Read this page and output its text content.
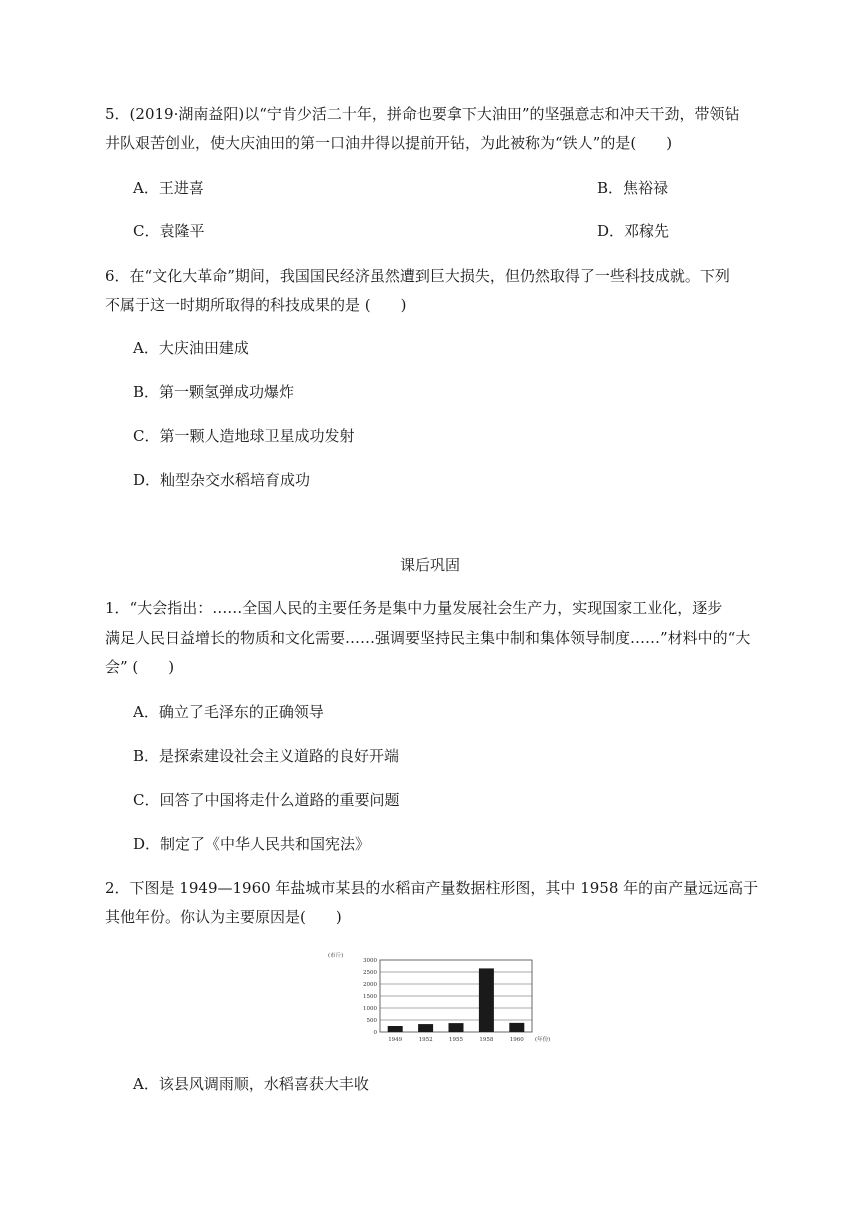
5．(2019·湖南益阳)以“宁肯少活二十年，拼命也要拿下大油田”的坚强意志和冲天干劲，带领钻
井队艰苦创业，使大庆油田的第一口油井得以提前开钻，为此被称为“铁人”的是(　　)
A．王进喜	B．焦裕禄
C．袁隆平	D．邓稼先
6．在“文化大革命”期间，我国国民经济虽然遭到巨大损失，但仍然取得了一些科技成就。下列
不属于这一时期所取得的科技成果的是 (　　)
A．大庆油田建成
B．第一颗氢弹成功爆炸
C．第一颗人造地球卫星成功发射
D．籼型杂交水稻培育成功
课后巩固
1．“大会指出：……全国人民的主要任务是集中力量发展社会生产力，实现国家工业化，逐步
满足人民日益增长的物质和文化需要……强调要坚持民主集中制和集体领导制度……”材料中的“大
会” (　　)
A．确立了毛泽东的正确领导
B．是探索建设社会主义道路的良好开端
C．回答了中国将走什么道路的重要问题
D．制定了《中华人民共和国宪法》
2．下图是 1949—1960 年盐城市某县的水稻亩产量数据柱形图，其中 1958 年的亩产量远远高于
其他年份。你认为主要原因是(　　)
0
500
1000
1500
2000
2500
3000
(市斤)
1949	1952	1955	1958	1960 (年份)
A．该县风调雨顺，水稻喜获大丰收
